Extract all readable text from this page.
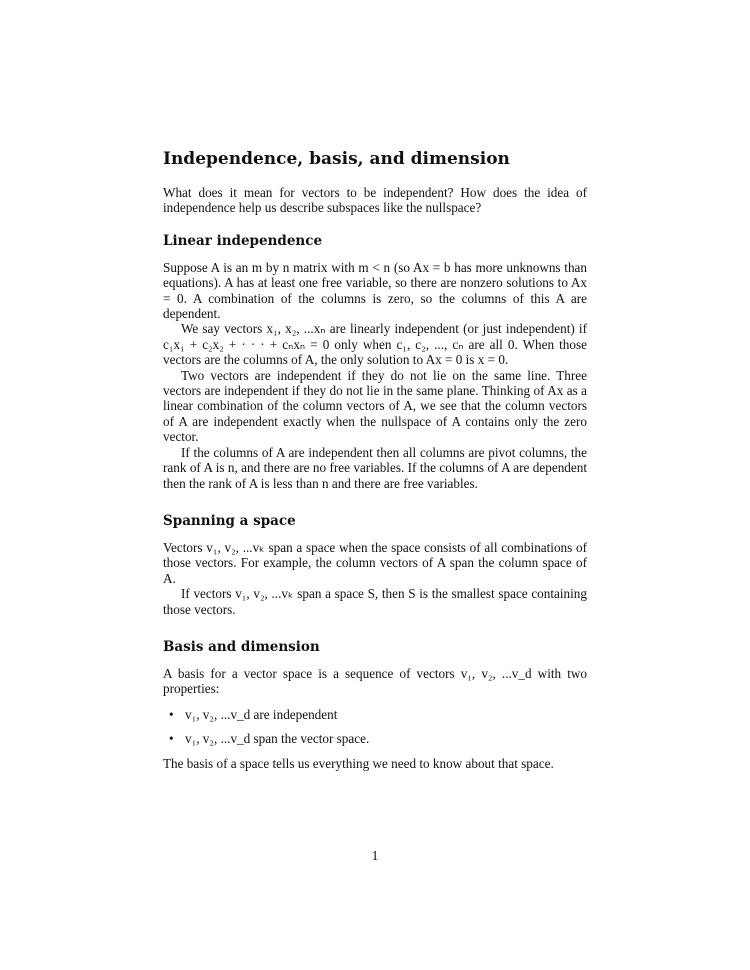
Independence, basis, and dimension

What does it mean for vectors to be independent? How does the idea of independence help us describe subspaces like the nullspace?

Linear independence

Suppose A is an m by n matrix with m < n (so Ax = b has more unknowns than equations). A has at least one free variable, so there are nonzero solutions to Ax = 0. A combination of the columns is zero, so the columns of this A are dependent.

We say vectors x₁, x₂, ...xₙ are linearly independent (or just independent) if c₁x₁ + c₂x₂ + · · · + cₙxₙ = 0 only when c₁, c₂, ..., cₙ are all 0. When those vectors are the columns of A, the only solution to Ax = 0 is x = 0.

Two vectors are independent if they do not lie on the same line. Three vectors are independent if they do not lie in the same plane. Thinking of Ax as a linear combination of the column vectors of A, we see that the column vectors of A are independent exactly when the nullspace of A contains only the zero vector.

If the columns of A are independent then all columns are pivot columns, the rank of A is n, and there are no free variables. If the columns of A are dependent then the rank of A is less than n and there are free variables.

Spanning a space

Vectors v₁, v₂, ...vₖ span a space when the space consists of all combinations of those vectors. For example, the column vectors of A span the column space of A.

If vectors v₁, v₂, ...vₖ span a space S, then S is the smallest space containing those vectors.

Basis and dimension

A basis for a vector space is a sequence of vectors v₁, v₂, ...v_d with two properties:

• v₁, v₂, ...v_d are independent
• v₁, v₂, ...v_d span the vector space.

The basis of a space tells us everything we need to know about that space.

1
